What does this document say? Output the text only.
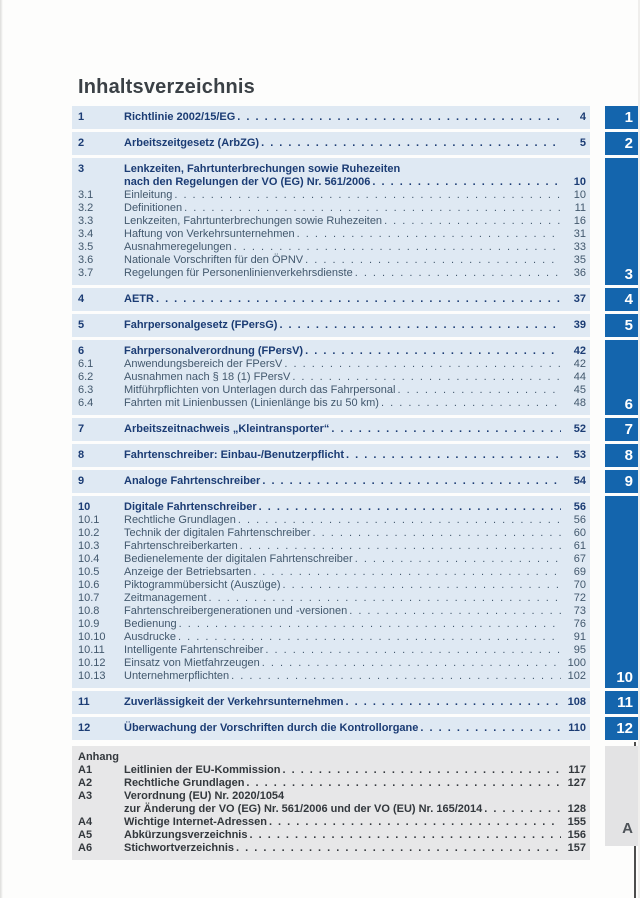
Inhaltsverzeichnis
1	Richtlinie 2002/15/EG . . .	4	1
2	Arbeitszeitgesetz (ArbZG) . . .	5	2
3	Lenkzeiten, Fahrtunterbrechungen sowie Ruhezeiten
nach den Regelungen der VO (EG) Nr. 561/2006 . . .	10
3.1	Einleitung . . .	10
3.2	Definitionen . . .	11
3.3	Lenkzeiten, Fahrtunterbrechungen sowie Ruhezeiten . . .	16
3.4	Haftung von Verkehrsunternehmen . . .	31
3.5	Ausnahmeregelungen . . .	33
3.6	Nationale Vorschriften für den ÖPNV . . .	35
3.7	Regelungen für Personenlinienverkehrsdienste . . .	36	3
4	AETR . . .	37	4
5	Fahrpersonalgesetz (FPersG) . . .	39	5
6	Fahrpersonalverordnung (FPersV) . . .	42
6.1	Anwendungsbereich der FPersV . . .	42
6.2	Ausnahmen nach § 18 (1) FPersV . . .	44
6.3	Mitführpflichten von Unterlagen durch das Fahrpersonal . . .	45
6.4	Fahrten mit Linienbussen (Linienlänge bis zu 50 km) . . .	48	6
7	Arbeitszeitnachweis „Kleintransporter“ . . .	52	7
8	Fahrtenschreiber: Einbau-/Benutzerpflicht . . .	53	8
9	Analoge Fahrtenschreiber . . .	54	9
10	Digitale Fahrtenschreiber . . .	56
10.1	Rechtliche Grundlagen . . .	56
10.2	Technik der digitalen Fahrtenschreiber . . .	60
10.3	Fahrtenschreiberkarten . . .	61
10.4	Bedienelemente der digitalen Fahrtenschreiber . . .	67
10.5	Anzeige der Betriebsarten . . .	69
10.6	Piktogrammübersicht (Auszüge) . . .	70
10.7	Zeitmanagement . . .	72
10.8	Fahrtenschreibergenerationen und -versionen . . .	73
10.9	Bedienung . . .	76
10.10	Ausdrucke . . .	91
10.11	Intelligente Fahrtenschreiber . . .	95
10.12	Einsatz von Mietfahrzeugen . . .	100
10.13	Unternehmerpflichten . . .	102	10
11	Zuverlässigkeit der Verkehrsunternehmen . . .	108	11
12	Überwachung der Vorschriften durch die Kontrollorgane . . .	110	12
Anhang
A1	Leitlinien der EU-Kommission . . .	117
A2	Rechtliche Grundlagen . . .	127
A3	Verordnung (EU) Nr. 2020/1054
zur Änderung der VO (EG) Nr. 561/2006 und der VO (EU) Nr. 165/2014 . . .	128
A4	Wichtige Internet-Adressen . . .	155
A5	Abkürzungsverzeichnis . . .	156
A6	Stichwortverzeichnis . . .	157
A
